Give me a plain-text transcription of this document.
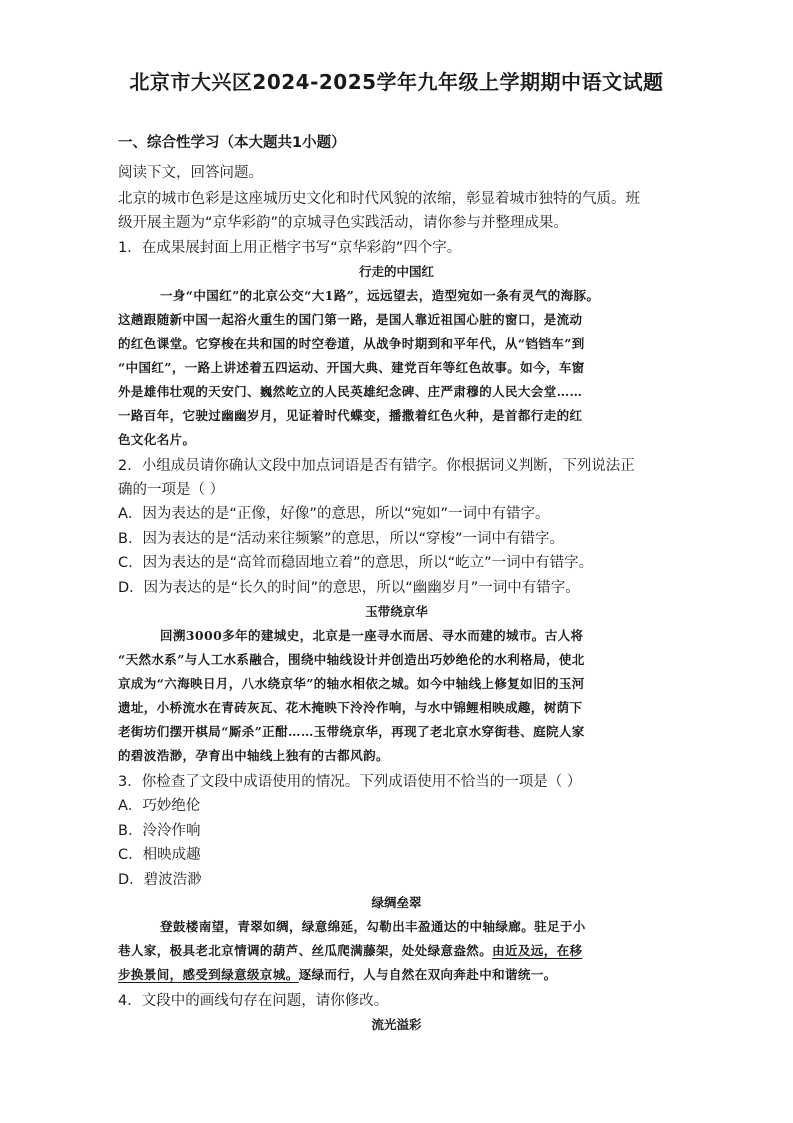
北京市大兴区2024-2025学年九年级上学期期中语文试题
一、综合性学习（本大题共1小题）
阅读下文，回答问题。
北京的城市色彩是这座城历史文化和时代风貌的浓缩，彰显着城市独特的气质。班
级开展主题为“京华彩韵”的京城寻色实践活动，请你参与并整理成果。
1．在成果展封面上用正楷字书写“京华彩韵”四个字。
行走的中国红
一身“中国红”的北京公交“大1路”，远远望去，造型宛如一条有灵气的海豚。
这趟跟随新中国一起浴火重生的国门第一路，是国人靠近祖国心脏的窗口，是流动
的红色课堂。它穿梭在共和国的时空卷道，从战争时期到和平年代，从“铛铛车”到
“中国红”，一路上讲述着五四运动、开国大典、建党百年等红色故事。如今，车窗
外是雄伟壮观的天安门、巍然屹立的人民英雄纪念碑、庄严肃穆的人民大会堂……
一路百年，它驶过幽幽岁月，见证着时代蝶变，播撒着红色火种，是首都行走的红
色文化名片。
2．小组成员请你确认文段中加点词语是否有错字。你根据词义判断，下列说法正
确的一项是（ ）
A．因为表达的是“正像，好像”的意思，所以“宛如”一词中有错字。
B．因为表达的是“活动来往频繁”的意思，所以“穿梭”一词中有错字。
C．因为表达的是“高耸而稳固地立着”的意思，所以“屹立”一词中有错字。
D．因为表达的是“长久的时间”的意思，所以“幽幽岁月”一词中有错字。
玉带绕京华
回溯3000多年的建城史，北京是一座寻水而居、寻水而建的城市。古人将
“天然水系”与人工水系融合，围绕中轴线设计并创造出巧妙绝伦的水利格局，使北
京成为“六海映日月，八水绕京华”的轴水相依之城。如今中轴线上修复如旧的玉河
遗址，小桥流水在青砖灰瓦、花木掩映下泠泠作响，与水中锦鲤相映成趣，树荫下
老街坊们摆开棋局“厮杀”正酣……玉带绕京华，再现了老北京水穿街巷、庭院人家
的碧波浩渺，孕育出中轴线上独有的古都风韵。
3．你检查了文段中成语使用的情况。下列成语使用不恰当的一项是（ ）
A．巧妙绝伦
B．泠泠作响
C．相映成趣
D．碧波浩渺
绿绸垒翠
登鼓楼南望，青翠如绸，绿意绵延，勾勒出丰盈通达的中轴绿廊。驻足于小
巷人家，极具老北京情调的葫芦、丝瓜爬满藤架，处处绿意盎然。由近及远，在移
步换景间，感受到绿意级京城。逐绿而行，人与自然在双向奔赴中和谐统一。
4．文段中的画线句存在问题，请你修改。
流光溢彩
